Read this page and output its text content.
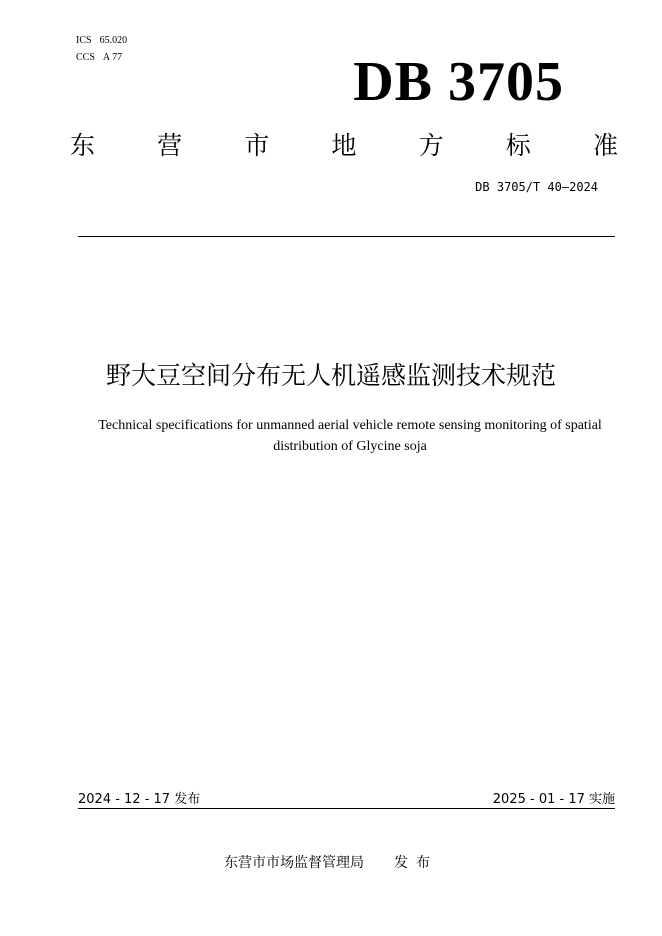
ICS 65.020
CCS A 77	DB 3705
东 营 市 地 方 标 准
DB 3705/T 40—2024
野大豆空间分布无人机遥感监测技术规范
Technical specifications for unmanned aerial vehicle remote sensing monitoring of spatial distribution of Glycine soja
2024 - 12 - 17 发布	2025 - 01 - 17 实施
东营市市场监督管理局 发布
